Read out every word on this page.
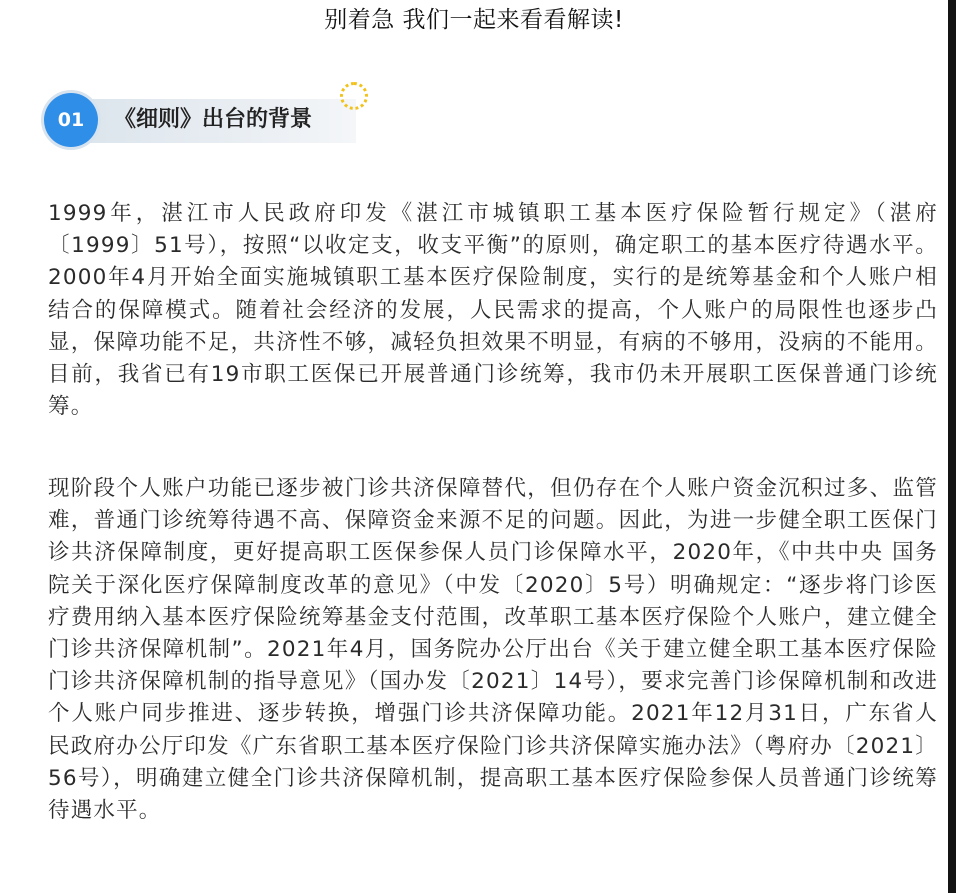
别着急 我们一起来看看解读!
01	《细则》出台的背景

1999年，湛江市人民政府印发《湛江市城镇职工基本医疗保险暂行规定》（湛府〔1999〕51号），按照“以收定支，收支平衡”的原则，确定职工的基本医疗待遇水平。2000年4月开始全面实施城镇职工基本医疗保险制度，实行的是统筹基金和个人账户相结合的保障模式。随着社会经济的发展，人民需求的提高，个人账户的局限性也逐步凸显，保障功能不足，共济性不够，减轻负担效果不明显，有病的不够用，没病的不能用。目前，我省已有19市职工医保已开展普通门诊统筹，我市仍未开展职工医保普通门诊统筹。

现阶段个人账户功能已逐步被门诊共济保障替代，但仍存在个人账户资金沉积过多、监管难，普通门诊统筹待遇不高、保障资金来源不足的问题。因此，为进一步健全职工医保门诊共济保障制度，更好提高职工医保参保人员门诊保障水平，2020年，《中共中央 国务院关于深化医疗保障制度改革的意见》（中发〔2020〕5号）明确规定：“逐步将门诊医疗费用纳入基本医疗保险统筹基金支付范围，改革职工基本医疗保险个人账户，建立健全门诊共济保障机制”。2021年4月，国务院办公厅出台《关于建立健全职工基本医疗保险门诊共济保障机制的指导意见》（国办发〔2021〕14号），要求完善门诊保障机制和改进个人账户同步推进、逐步转换，增强门诊共济保障功能。2021年12月31日，广东省人民政府办公厅印发《广东省职工基本医疗保险门诊共济保障实施办法》（粤府办〔2021〕56号），明确建立健全门诊共济保障机制，提高职工基本医疗保险参保人员普通门诊统筹待遇水平。
